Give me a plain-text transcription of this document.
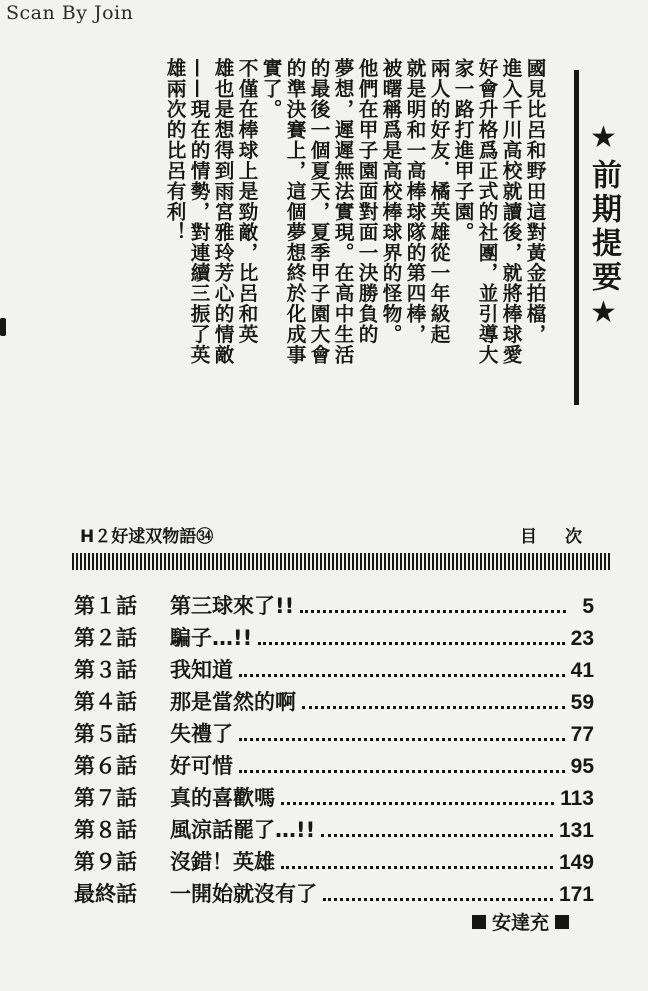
Scan By Join
★前期提要★
國見比呂和野田這對黃金拍檔，
進入千川高校就讀後，就將棒球愛
好會升格爲正式的社團，並引導大
家一路打進甲子園。
兩人的好友．橘英雄從一年級起
就是明和一高棒球隊的第四棒，
被曙稱爲是高校棒球界的怪物。
他們在甲子園面對面一決勝負的
夢想，遲遲無法實現。在高中生活
的最後一個夏天，夏季甲子園大會
的準決賽上，這個夢想終於化成事
實了。
不僅在棒球上是勁敵，比呂和英
雄也是想得到雨宮雅玲芳心的情敵
——現在的情勢，對連續三振了英
雄兩次的比呂有利！
H２好逑双物語㉞	目次
第１話	第三球來了!!	5
第２話	騙子…!!	23
第３話	我知道	41
第４話	那是當然的啊	59
第５話	失禮了	77
第６話	好可惜	95
第７話	真的喜歡嗎	113
第８話	風涼話罷了…!!	131
第９話	沒錯！英雄	149
最終話	一開始就沒有了	171
安達充
